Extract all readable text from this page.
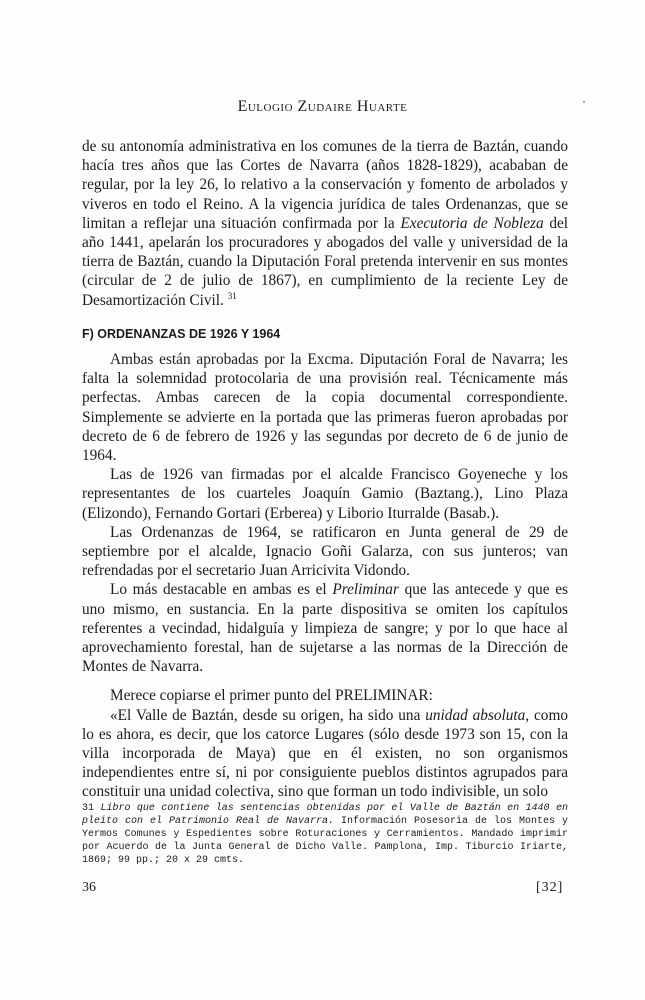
Eulogio Zudaire Huarte

de su antonomía administrativa en los comunes de la tierra de Baztán, cuando hacía tres años que las Cortes de Navarra (años 1828-1829), acababan de regular, por la ley 26, lo relativo a la conservación y fomento de arbolados y viveros en todo el Reino. A la vigencia jurídica de tales Ordenanzas, que se limitan a reflejar una situación confirmada por la Executoria de Nobleza del año 1441, apelarán los procuradores y abogados del valle y universidad de la tierra de Baztán, cuando la Diputación Foral pretenda intervenir en sus montes (circular de 2 de julio de 1867), en cumplimiento de la reciente Ley de Desamortización Civil. $^{31}$

F) ORDENANZAS DE 1926 Y 1964

Ambas están aprobadas por la Excma. Diputación Foral de Navarra; les falta la solemnidad protocolaria de una provisión real. Técnicamente más perfectas. Ambas carecen de la copia documental correspondiente. Simplemente se advierte en la portada que las primeras fueron aprobadas por decreto de 6 de febrero de 1926 y las segundas por decreto de 6 de junio de 1964.

Las de 1926 van firmadas por el alcalde Francisco Goyeneche y los representantes de los cuarteles Joaquín Gamio (Baztang.), Lino Plaza (Elizondo), Fernando Gortari (Erberea) y Liborio Iturralde (Basab.).

Las Ordenanzas de 1964, se ratificaron en Junta general de 29 de septiembre por el alcalde, Ignacio Goñi Galarza, con sus junteros; van refrendadas por el secretario Juan Arricivita Vidondo.

Lo más destacable en ambas es el Preliminar que las antecede y que es uno mismo, en sustancia. En la parte dispositiva se omiten los capítulos referentes a vecindad, hidalguía y limpieza de sangre; y por lo que hace al aprovechamiento forestal, han de sujetarse a las normas de la Dirección de Montes de Navarra.

Merece copiarse el primer punto del PRELIMINAR:

«El Valle de Baztán, desde su origen, ha sido una unidad absoluta, como lo es ahora, es decir, que los catorce Lugares (sólo desde 1973 son 15, con la villa incorporada de Maya) que en él existen, no son organismos independientes entre sí, ni por consiguiente pueblos distintos agrupados para constituir una unidad colectiva, sino que forman un todo indivisible, un solo

31 Libro que contiene las sentencias obtenidas por el Valle de Baztán en 1440 en pleito con el Patrimonio Real de Navarra. Información Posesoria de los Montes y Yermos Comunes y Espedientes sobre Roturaciones y Cerramientos. Mandado imprimir por Acuerdo de la Junta General de Dicho Valle. Pamplona, Imp. Tiburcio Iriarte, 1869; 99 pp.; 20 x 29 cmts.

36	[32]
